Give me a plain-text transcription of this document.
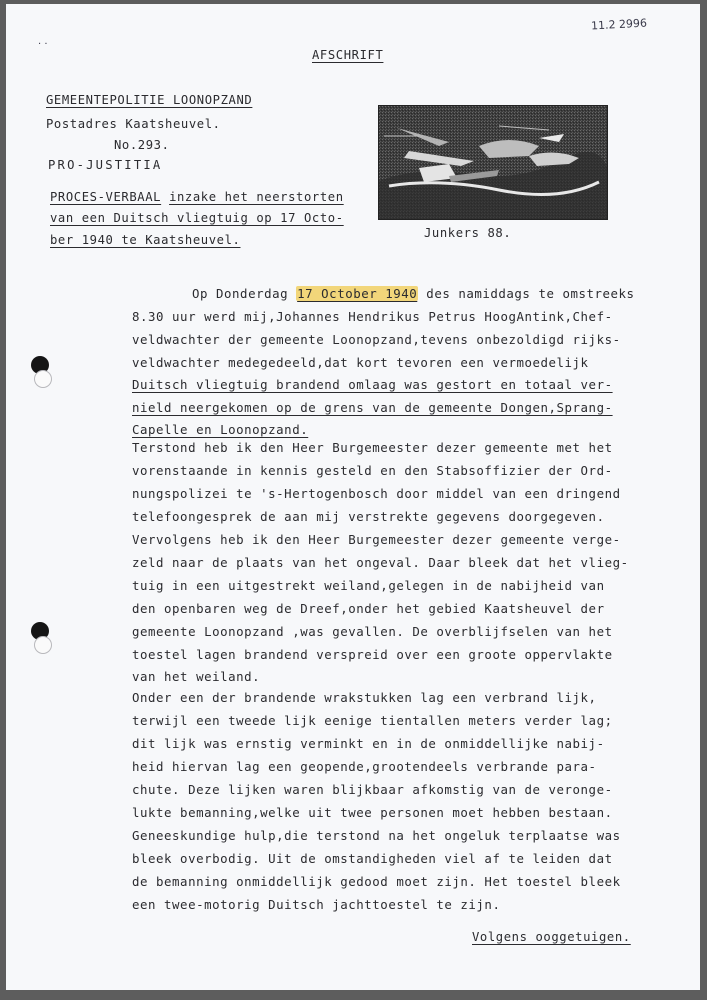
11.2 2996
. .
AFSCHRIFT
GEMEENTEPOLITIE LOONOPZAND
Postadres Kaatsheuvel.
No.293.
PRO-JUSTITIA
PROCES-VERBAAL inzake het neerstorten
van een Duitsch vliegtuig op 17 Octo-
ber 1940 te Kaatsheuvel.	Junkers 88.
Op Donderdag 17 October 1940 des namiddags te omstreeks
8.30 uur werd mij,Johannes Hendrikus Petrus HoogAntink,Chef-
veldwachter der gemeente Loonopzand,tevens onbezoldigd rijks-
veldwachter medegedeeld,dat kort tevoren een vermoedelijk
Duitsch vliegtuig brandend omlaag was gestort en totaal ver-
nield neergekomen op de grens van de gemeente Dongen,Sprang-
Capelle en Loonopzand.
Terstond heb ik den Heer Burgemeester dezer gemeente met het
vorenstaande in kennis gesteld en den Stabsoffizier der Ord-
nungspolizei te 's-Hertogenbosch door middel van een dringend
telefoongesprek de aan mij verstrekte gegevens doorgegeven.
Vervolgens heb ik den Heer Burgemeester dezer gemeente verge-
zeld naar de plaats van het ongeval. Daar bleek dat het vlieg-
tuig in een uitgestrekt weiland,gelegen in de nabijheid van
den openbaren weg de Dreef,onder het gebied Kaatsheuvel der
gemeente Loonopzand ,was gevallen. De overblijfselen van het
toestel lagen brandend verspreid over een groote oppervlakte
van het weiland.
Onder een der brandende wrakstukken lag een verbrand lijk,
terwijl een tweede lijk eenige tientallen meters verder lag;
dit lijk was ernstig verminkt en in de onmiddellijke nabij-
heid hiervan lag een geopende,grootendeels verbrande para-
chute. Deze lijken waren blijkbaar afkomstig van de veronge-
lukte bemanning,welke uit twee personen moet hebben bestaan.
Geneeskundige hulp,die terstond na het ongeluk terplaatse was
bleek overbodig. Uit de omstandigheden viel af te leiden dat
de bemanning onmiddellijk gedood moet zijn. Het toestel bleek
een twee-motorig Duitsch jachttoestel te zijn.
Volgens ooggetuigen.
